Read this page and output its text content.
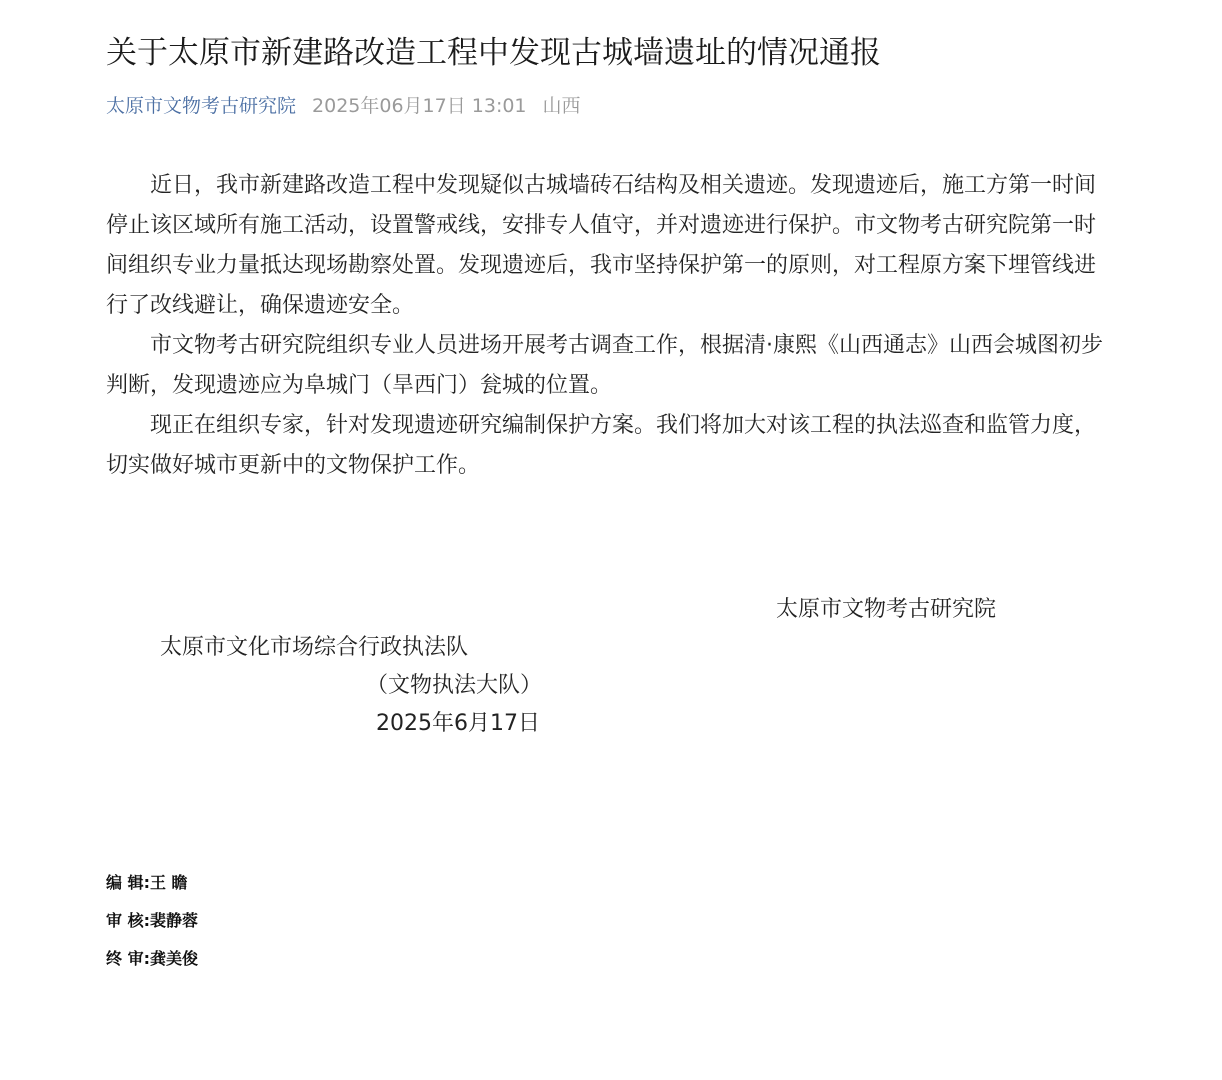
关于太原市新建路改造工程中发现古城墙遗址的情况通报
太原市文物考古研究院 2025年06月17日 13:01 山西

近日，我市新建路改造工程中发现疑似古城墙砖石结构及相关遗迹。发现遗迹后，施工方第一时间停止该区域所有施工活动，设置警戒线，安排专人值守，并对遗迹进行保护。市文物考古研究院第一时间组织专业力量抵达现场勘察处置。发现遗迹后，我市坚持保护第一的原则，对工程原方案下埋管线进行了改线避让，确保遗迹安全。

市文物考古研究院组织专业人员进场开展考古调查工作，根据清·康熙《山西通志》山西会城图初步判断，发现遗迹应为阜城门（旱西门）瓮城的位置。

现正在组织专家，针对发现遗迹研究编制保护方案。我们将加大对该工程的执法巡查和监管力度，切实做好城市更新中的文物保护工作。

太原市文物考古研究院
太原市文化市场综合行政执法队
（文物执法大队）
2025年6月17日
编 辑:王 瞻
审 核:裴静蓉
终 审:龚美俊
